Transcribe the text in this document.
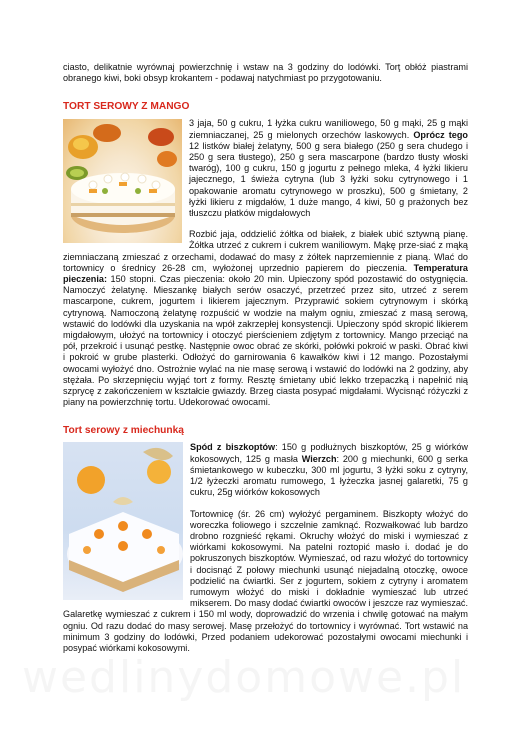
ciasto, delikatnie wyrównaj powierzchnię i wstaw na 3 godziny do lodówki. Torţ obłóż piastrami obranego kiwi, boki obsyp krokantem - podawaj natychmiast po przygotowaniu.

TORT SEROWY Z MANGO

3 jaja, 50 g cukru, 1 łyżka cukru waniliowego, 50 g mąki, 25 g mąki ziemniaczanej, 25 g mielonych orzechów laskowych. Oprócz tego 12 listków białej żelatyny, 500 g sera białego (250 g sera chudego i 250 g sera tłustego), 250 g sera mascarpone (bardzo tłusty włoski twaróg), 100 g cukru, 150 g jogurtu z pełnego mleka, 4 łyżki likieru jajecznego, 1 świeża cytryna (lub 3 łyżki soku cytrynowego i 1 opakowanie aromatu cytrynowego w proszku), 500 g śmietany, 2 łyżki likieru z migdałów, 1 duże mango, 4 kiwi, 50 g prażonych bez tłuszczu płatków migdałowych

Rozbić jaja, oddzielić żółtka od białek, z białek ubić sztywną pianę. Żółtka utrzeć z cukrem i cukrem waniliowym. Mąkę prze-siać z mąką ziemniaczaną zmieszać z orzechami, dodawać do masy z żółtek naprzemiennie z pianą. Wlać do tortownicy o średnicy 26-28 cm, wyłożonej uprzednio papierem do pieczenia. Temperatura pieczenia: 150 stopni. Czas pieczenia: około 20 min. Upieczony spód pozostawić do ostygnięcia. Namoczyć żelatynę. Mieszankę białych serów osaczyć, przetrzeć przez sito, utrzeć z serem mascarpone, cukrem, jogurtem i likierem jajecznym. Przyprawić sokiem cytrynowym i skórką cytrynową. Namoczoną żelatynę rozpuścić w wodzie na małym ogniu, zmieszać z masą serową, wstawić do lodówki dla uzyskania na wpół zakrzepłej konsystencji. Upieczony spód skropić likierem migdałowym, ułożyć na tortownicy i otoczyć pierścieniem zdjętym z tortownicy. Mango przeciąć na pół, przekroić i usunąć pestkę. Następnie owoc obrać ze skórki, połówki pokroić w paski. Obrać kiwi i pokroić w grube plasterki. Odłożyć do garnirowania 6 kawałków kiwi i 12 mango. Pozostałymi owocami wyłożyć dno. Ostrożnie wylać na nie masę serową i wstawić do lodówki na 2 godziny, aby stężała. Po skrzepnięciu wyjąć tort z formy. Resztę śmietany ubić lekko trzepaczką i napełnić nią szprycę z zakończeniem w kształcie gwiazdy. Brzeg ciasta posypać migdałami. Wycisnąć różyczki z piany na powierzchnię tortu. Udekorować owocami.

Tort serowy z miechunką

Spód z biszkoptów: 150 g podłużnych biszkoptów, 25 g wiórków kokosowych, 125 g masła Wierzch: 200 g miechunki, 600 g serka śmietankowego w kubeczku, 300 ml jogurtu, 3 łyżki soku z cytryny, 1/2 łyżeczki aromatu rumowego, 1 łyżeczka jasnej galaretki, 75 g cukru, 25g wiórków kokosowych

Tortownicę (śr. 26 cm) wyłożyć pergaminem. Biszkopty włożyć do woreczka foliowego i szczelnie zamknąć. Rozwałkować lub bardzo drobno rozgnieść rękami. Okruchy włożyć do miski i wymieszać z wiórkami kokosowymi. Na patelni roztopić masło i. dodać je do pokruszonych biszkoptów. Wymieszać, od razu włożyć do tortownicy i docisnąć Z połowy miechunki usunąć niejadalną otoczkę, owoce podzielić na ćwiartki. Ser z jogurtem, sokiem z cytryny i aromatem rumowym włożyć do miski i dokładnie wymieszać lub utrzeć mikserem. Do masy dodać ćwiartki owoców i jeszcze raz wymieszać. Galaretkę wymieszać z cukrem i 150 ml wody, doprowadzić do wrzenia i chwilę gotować na małym ogniu. Od razu dodać do masy serowej. Masę przełożyć do tortownicy i wyrównać. Tort wstawić na minimum 3 godziny do lodówki, Przed podaniem udekorować pozostałymi owocami miechunki i posypać wiórkami kokosowymi.

wedlinydomowe.pl
